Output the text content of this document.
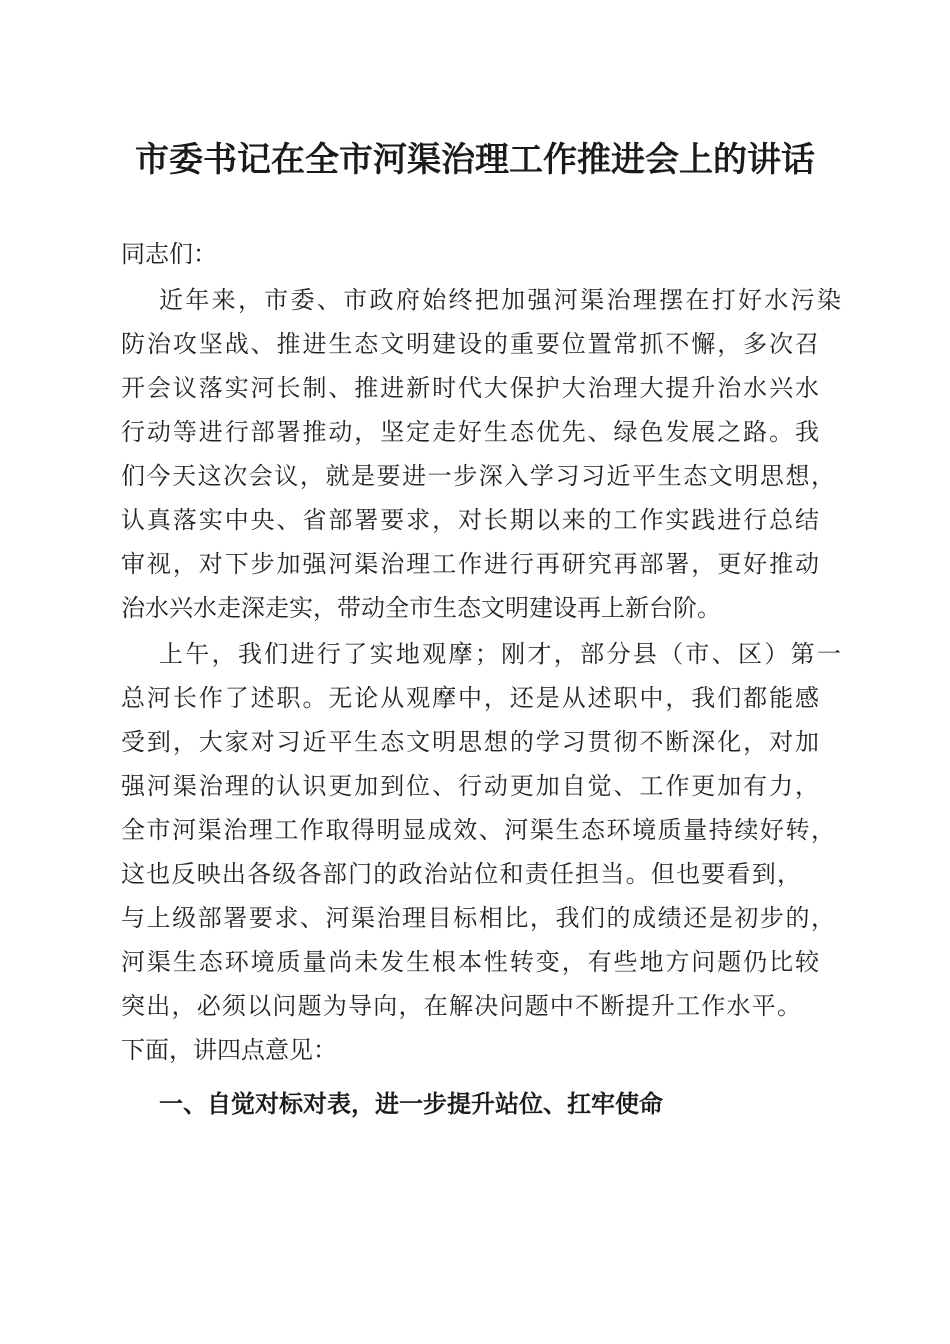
市委书记在全市河渠治理工作推进会上的讲话
同志们：
近年来，市委、市政府始终把加强河渠治理摆在打好水污染
防治攻坚战、推进生态文明建设的重要位置常抓不懈，多次召
开会议落实河长制、推进新时代大保护大治理大提升治水兴水
行动等进行部署推动，坚定走好生态优先、绿色发展之路。我
们今天这次会议，就是要进一步深入学习习近平生态文明思想，
认真落实中央、省部署要求，对长期以来的工作实践进行总结
审视，对下步加强河渠治理工作进行再研究再部署，更好推动
治水兴水走深走实，带动全市生态文明建设再上新台阶。
上午，我们进行了实地观摩；刚才，部分县（市、区）第一
总河长作了述职。无论从观摩中，还是从述职中，我们都能感
受到，大家对习近平生态文明思想的学习贯彻不断深化，对加
强河渠治理的认识更加到位、行动更加自觉、工作更加有力，
全市河渠治理工作取得明显成效、河渠生态环境质量持续好转，
这也反映出各级各部门的政治站位和责任担当。但也要看到，
与上级部署要求、河渠治理目标相比，我们的成绩还是初步的，
河渠生态环境质量尚未发生根本性转变，有些地方问题仍比较
突出，必须以问题为导向，在解决问题中不断提升工作水平。
下面，讲四点意见：
一、自觉对标对表，进一步提升站位、扛牢使命
